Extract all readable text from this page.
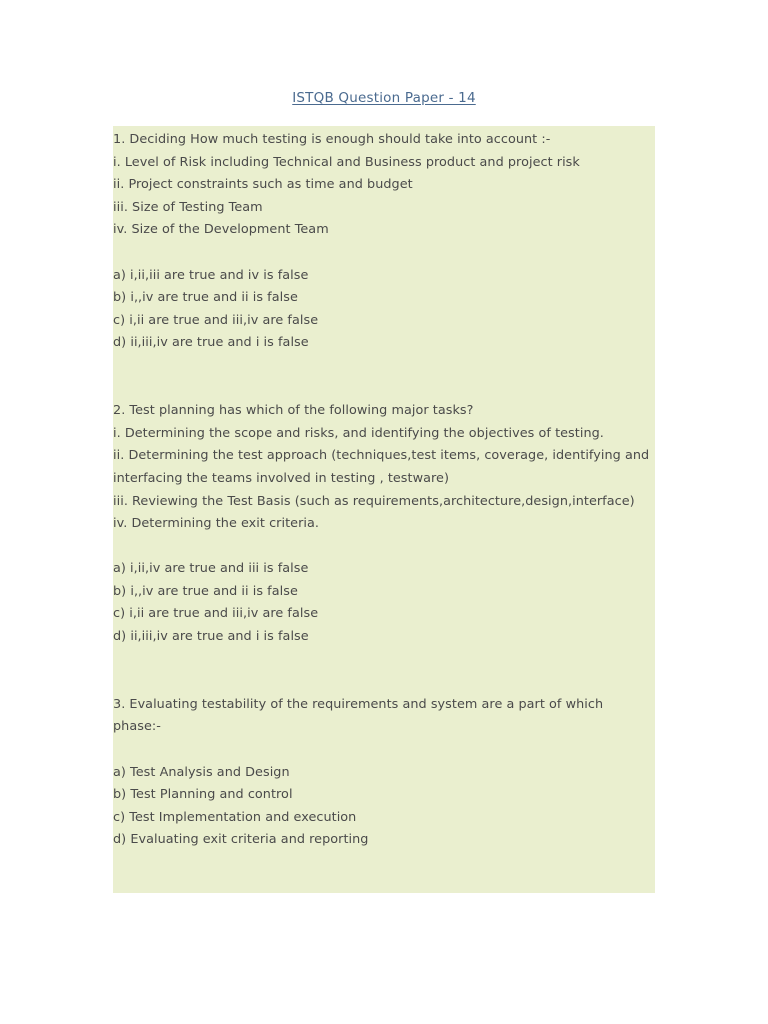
ISTQB Question Paper - 14
1. Deciding How much testing is enough should take into account :-
i. Level of Risk including Technical and Business product and project risk
ii. Project constraints such as time and budget
iii. Size of Testing Team
iv. Size of the Development Team
a) i,ii,iii are true and iv is false
b) i,,iv are true and ii is false
c) i,ii are true and iii,iv are false
d) ii,iii,iv are true and i is false
2. Test planning has which of the following major tasks?
i. Determining the scope and risks, and identifying the objectives of testing.
ii. Determining the test approach (techniques,test items, coverage, identifying and
interfacing the teams involved in testing , testware)
iii. Reviewing the Test Basis (such as requirements,architecture,design,interface)
iv. Determining the exit criteria.
a) i,ii,iv are true and iii is false
b) i,,iv are true and ii is false
c) i,ii are true and iii,iv are false
d) ii,iii,iv are true and i is false
3. Evaluating testability of the requirements and system are a part of which
phase:-
a) Test Analysis and Design
b) Test Planning and control
c) Test Implementation and execution
d) Evaluating exit criteria and reporting
